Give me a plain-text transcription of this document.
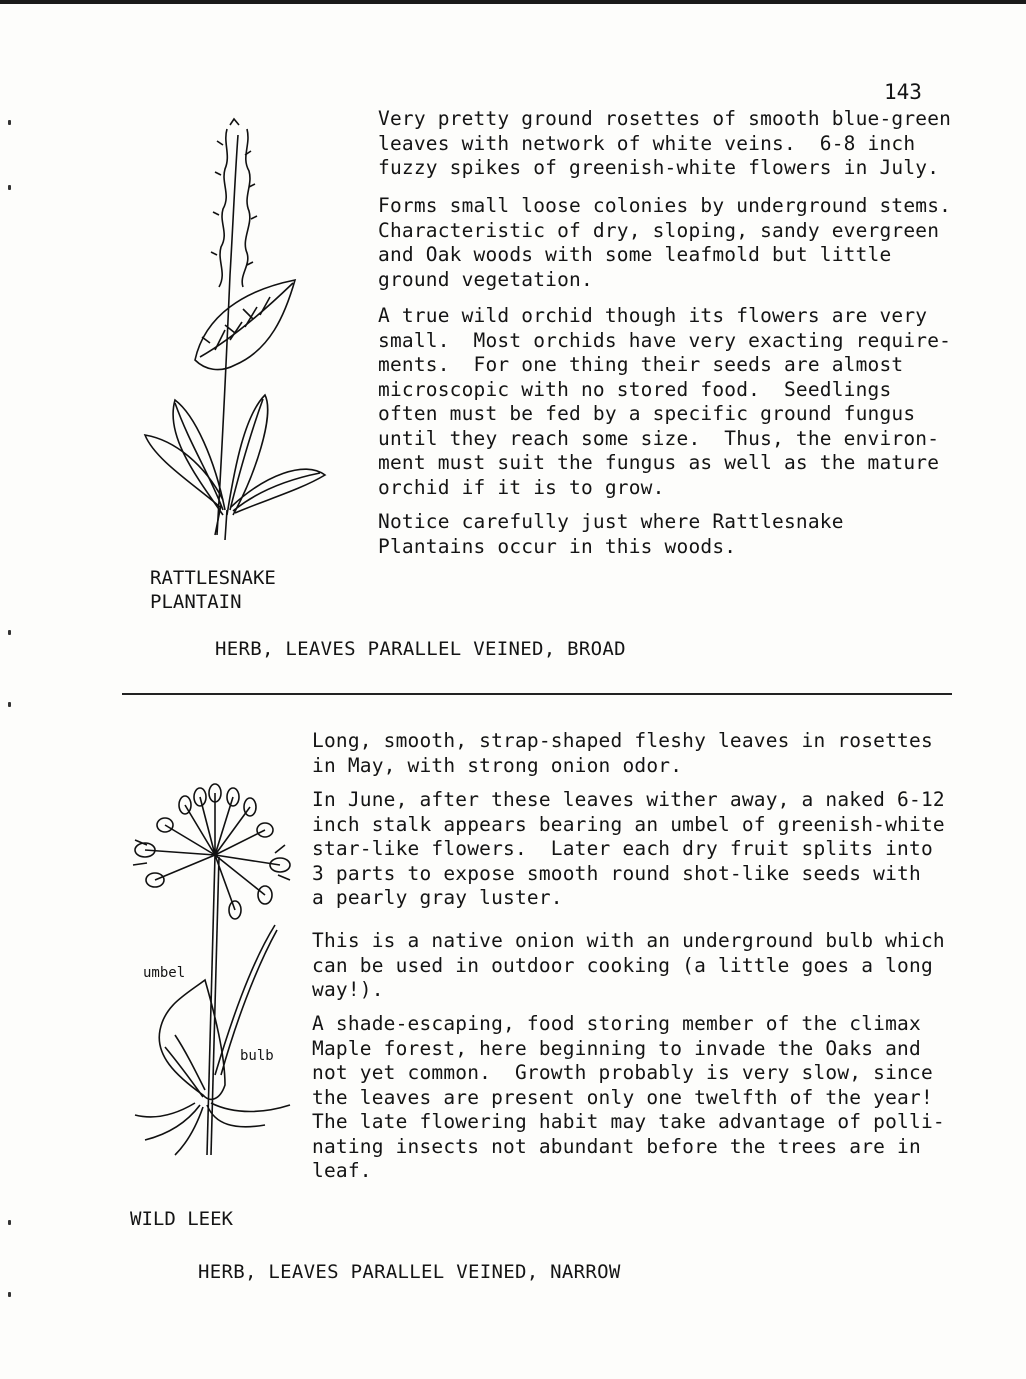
143
Very pretty ground rosettes of smooth blue-green
leaves with network of white veins.  6-8 inch
fuzzy spikes of greenish-white flowers in July.
Forms small loose colonies by underground stems.
Characteristic of dry, sloping, sandy evergreen
and Oak woods with some leafmold but little
ground vegetation.
A true wild orchid though its flowers are very
small.  Most orchids have very exacting require-
ments.  For one thing their seeds are almost
microscopic with no stored food.  Seedlings
often must be fed by a specific ground fungus
until they reach some size.  Thus, the environ-
ment must suit the fungus as well as the mature
orchid if it is to grow.
Notice carefully just where Rattlesnake
Plantains occur in this woods.
RATTLESNAKE
PLANTAIN
HERB, LEAVES PARALLEL VEINED, BROAD
umbel
bulb
Long, smooth, strap-shaped fleshy leaves in rosettes
in May, with strong onion odor.
In June, after these leaves wither away, a naked 6-12
inch stalk appears bearing an umbel of greenish-white
star-like flowers.  Later each dry fruit splits into
3 parts to expose smooth round shot-like seeds with
a pearly gray luster.
This is a native onion with an underground bulb which
can be used in outdoor cooking (a little goes a long
way!).
A shade-escaping, food storing member of the climax
Maple forest, here beginning to invade the Oaks and
not yet common.  Growth probably is very slow, since
the leaves are present only one twelfth of the year!
The late flowering habit may take advantage of polli-
nating insects not abundant before the trees are in
leaf.
WILD LEEK
HERB, LEAVES PARALLEL VEINED, NARROW
